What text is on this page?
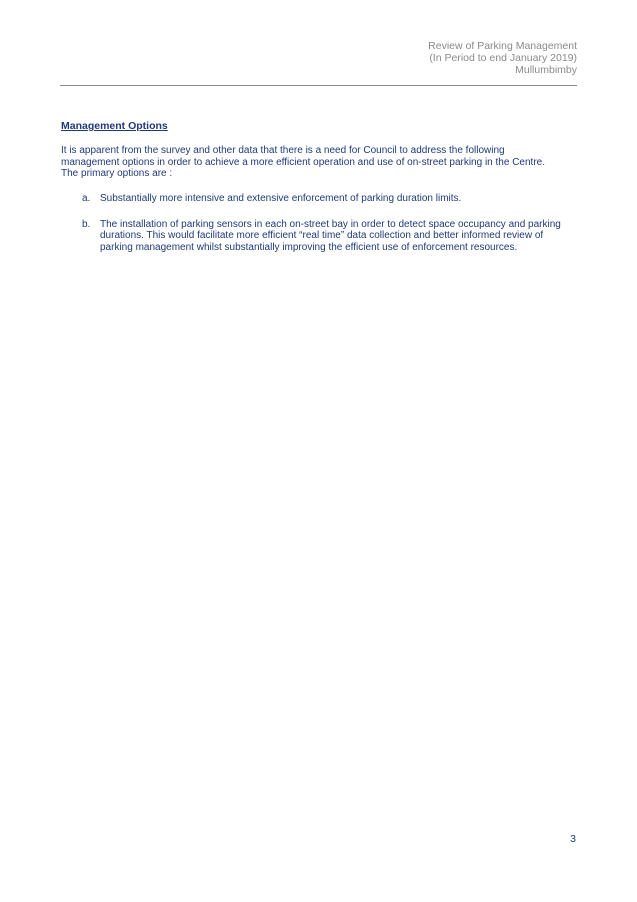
Review of Parking Management
(In Period to end January 2019)
Mullumbimby
Management Options
It is apparent from the survey and other data that there is a need for Council to address the following management options in order to achieve a more efficient operation and use of on-street parking in the Centre. The primary options are :
a. Substantially more intensive and extensive enforcement of parking duration limits.
b. The installation of parking sensors in each on-street bay in order to detect space occupancy and parking durations. This would facilitate more efficient “real time” data collection and better informed review of parking management whilst substantially improving the efficient use of enforcement resources.
3
